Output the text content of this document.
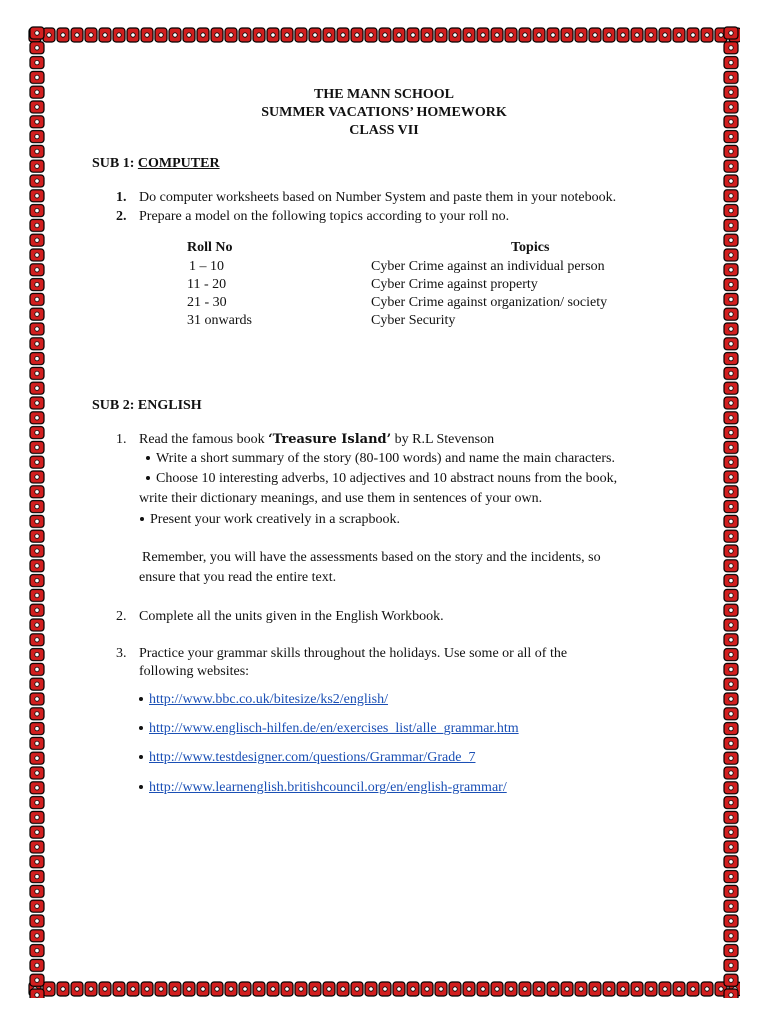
THE MANN SCHOOL
SUMMER VACATIONS’ HOMEWORK
CLASS VII
SUB 1: COMPUTER
1. Do computer worksheets based on Number System and paste them in your notebook.
2. Prepare a model on the following topics according to your roll no.
Roll No	Topics
1 – 10	Cyber Crime against an individual person
11 - 20	Cyber Crime against property
21 - 30	Cyber Crime against organization/ society
31 onwards	Cyber Security
SUB 2: ENGLISH
1. Read the famous book ‘Treasure Island’ by R.L Stevenson
Write a short summary of the story (80-100 words) and name the main characters.
Choose 10 interesting adverbs, 10 adjectives and 10 abstract nouns from the book,
write their dictionary meanings, and use them in sentences of your own.
Present your work creatively in a scrapbook.
Remember, you will have the assessments based on the story and the incidents, so
ensure that you read the entire text.
2. Complete all the units given in the English Workbook.
3. Practice your grammar skills throughout the holidays. Use some or all of the
following websites:
http://www.bbc.co.uk/bitesize/ks2/english/
http://www.englisch-hilfen.de/en/exercises_list/alle_grammar.htm
http://www.testdesigner.com/questions/Grammar/Grade_7
http://www.learnenglish.britishcouncil.org/en/english-grammar/
